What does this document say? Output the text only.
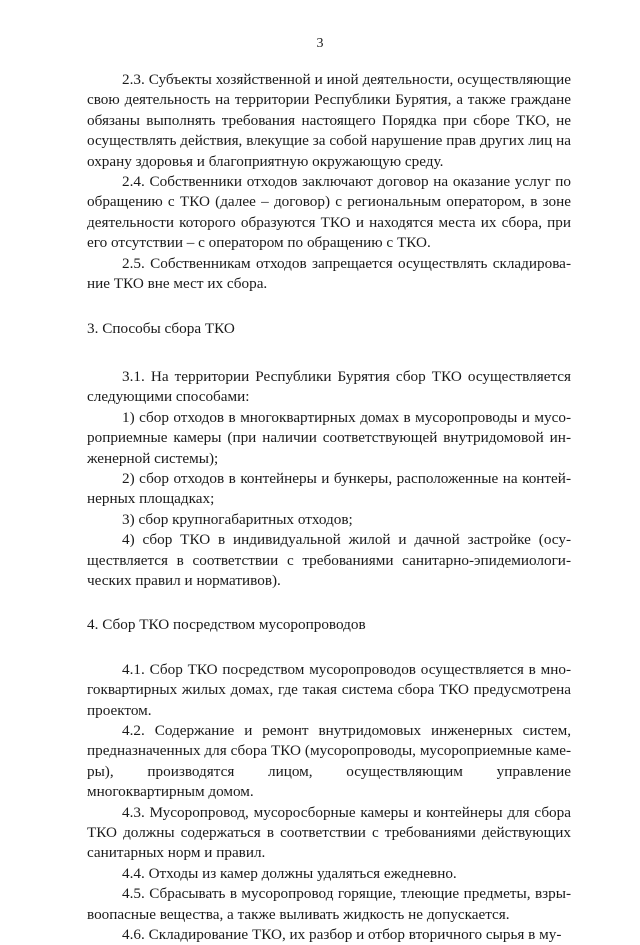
3

2.3. Субъекты хозяйственной и иной деятельности, осуществляющие свою деятельность на территории Республики Бурятия, а также граждане обязаны выполнять требования настоящего Порядка при сборе ТКО, не осуществлять действия, влекущие за собой нарушение прав других лиц на охрану здоровья и благоприятную окружающую среду.

2.4. Собственники отходов заключают договор на оказание услуг по обращению с ТКО (далее – договор) с региональным оператором, в зоне деятельности которого образуются ТКО и находятся места их сбора, при его отсутствии – с оператором по обращению с ТКО.

2.5. Собственникам отходов запрещается осуществлять складирование ТКО вне мест их сбора.

3. Способы сбора ТКО

3.1. На территории Республики Бурятия сбор ТКО осуществляется следующими способами:

1) сбор отходов в многоквартирных домах в мусоропроводы и мусороприемные камеры (при наличии соответствующей внутридомовой инженерной системы);

2) сбор отходов в контейнеры и бункеры, расположенные на контейнерных площадках;

3) сбор крупногабаритных отходов;

4) сбор ТКО в индивидуальной жилой и дачной застройке (осуществляется в соответствии с требованиями санитарно-эпидемиологических правил и нормативов).

4. Сбор ТКО посредством мусоропроводов

4.1. Сбор ТКО посредством мусоропроводов осуществляется в многоквартирных жилых домах, где такая система сбора ТКО предусмотрена проектом.

4.2. Содержание и ремонт внутридомовых инженерных систем, предназначенных для сбора ТКО (мусоропроводы, мусороприемные камеры), производятся лицом, осуществляющим управление многоквартирным домом.

4.3. Мусоропровод, мусоросборные камеры и контейнеры для сбора ТКО должны содержаться в соответствии с требованиями действующих санитарных норм и правил.

4.4. Отходы из камер должны удаляться ежедневно.

4.5. Сбрасывать в мусоропровод горящие, тлеющие предметы, взрывоопасные вещества, а также выливать жидкость не допускается.

4.6. Складирование ТКО, их разбор и отбор вторичного сырья в му-
